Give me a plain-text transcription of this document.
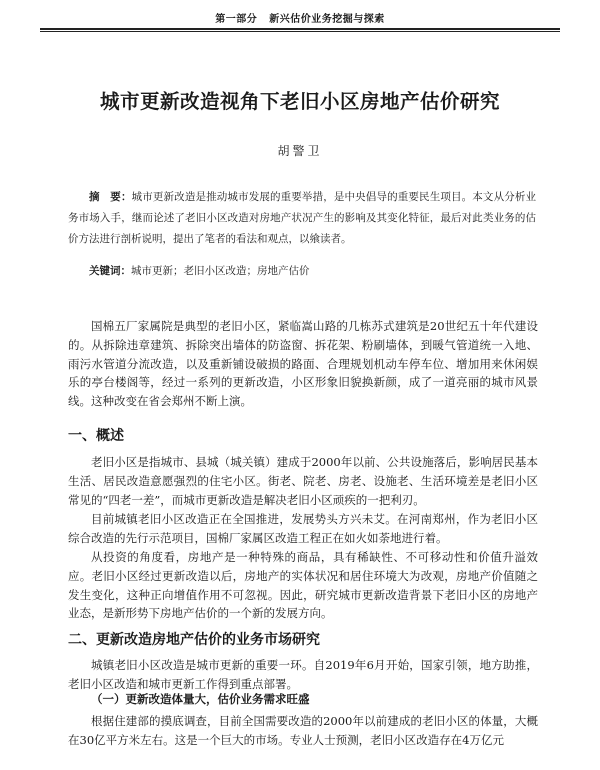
第一部分 新兴估价业务挖掘与探索
城市更新改造视角下老旧小区房地产估价研究
胡警卫
摘　要：城市更新改造是推动城市发展的重要举措，是中央倡导的重要民生项目。本文从分析业务市场入手，继而论述了老旧小区改造对房地产状况产生的影响及其变化特征，最后对此类业务的估价方法进行剖析说明，提出了笔者的看法和观点，以飨读者。
关键词：城市更新；老旧小区改造；房地产估价

国棉五厂家属院是典型的老旧小区，紧临嵩山路的几栋苏式建筑是20世纪五十年代建设的。从拆除违章建筑、拆除突出墙体的防盗窗、拆花架、粉刷墙体，到暖气管道统一入地、雨污水管道分流改造，以及重新铺设破损的路面、合理规划机动车停车位、增加用来休闲娱乐的亭台楼阁等，经过一系列的更新改造，小区形象旧貌换新颜，成了一道亮丽的城市风景线。这种改变在省会郑州不断上演。

一、概述

老旧小区是指城市、县城（城关镇）建成于2000年以前、公共设施落后，影响居民基本生活、居民改造意愿强烈的住宅小区。街老、院老、房老、设施老、生活环境差是老旧小区常见的“四老一差”，而城市更新改造是解决老旧小区顽疾的一把利刃。

目前城镇老旧小区改造正在全国推进，发展势头方兴未艾。在河南郑州，作为老旧小区综合改造的先行示范项目，国棉厂家属区改造工程正在如火如荼地进行着。

从投资的角度看，房地产是一种特殊的商品，具有稀缺性、不可移动性和价值升溢效应。老旧小区经过更新改造以后，房地产的实体状况和居住环境大为改观，房地产价值随之发生变化，这种正向增值作用不可忽视。因此，研究城市更新改造背景下老旧小区的房地产业态，是新形势下房地产估价的一个新的发展方向。

二、更新改造房地产估价的业务市场研究

城镇老旧小区改造是城市更新的重要一环。自2019年6月开始，国家引领，地方助推，老旧小区改造和城市更新工作得到重点部署。

（一）更新改造体量大，估价业务需求旺盛

根据住建部的摸底调查，目前全国需要改造的2000年以前建成的老旧小区的体量，大概在30亿平方米左右。这是一个巨大的市场。专业人士预测，老旧小区改造存在4万亿元
